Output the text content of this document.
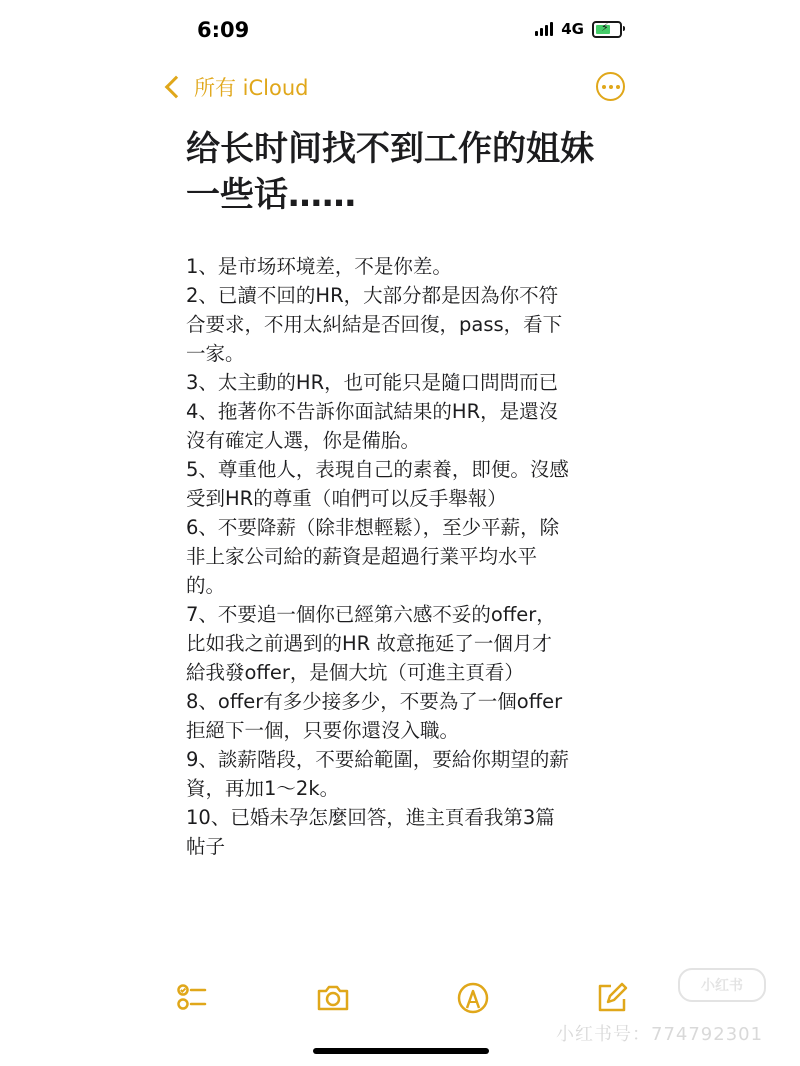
6:09	4G ⚡
所有 iCloud
给长时间找不到工作的姐妹一些话……
1、是市场环境差，不是你差。
2、已讀不回的HR，大部分都是因為你不符
合要求，不用太糾結是否回復，pass，看下
一家。
3、太主動的HR，也可能只是隨口問問而已
4、拖著你不告訴你面試結果的HR，是還沒
沒有確定人選，你是備胎。
5、尊重他人，表現自己的素養，即便。沒感
受到HR的尊重（咱們可以反手舉報）
6、不要降薪（除非想輕鬆），至少平薪，除
非上家公司給的薪資是超過行業平均水平
的。
7、不要追一個你已經第六感不妥的offer，
比如我之前遇到的HR 故意拖延了一個月才
給我發offer，是個大坑（可進主頁看）
8、offer有多少接多少，不要為了一個offer
拒絕下一個，只要你還沒入職。
9、談薪階段，不要給範圍，要給你期望的薪
資，再加1～2k。
10、已婚未孕怎麼回答，進主頁看我第3篇
帖子
小红书
小红书号：774792301
